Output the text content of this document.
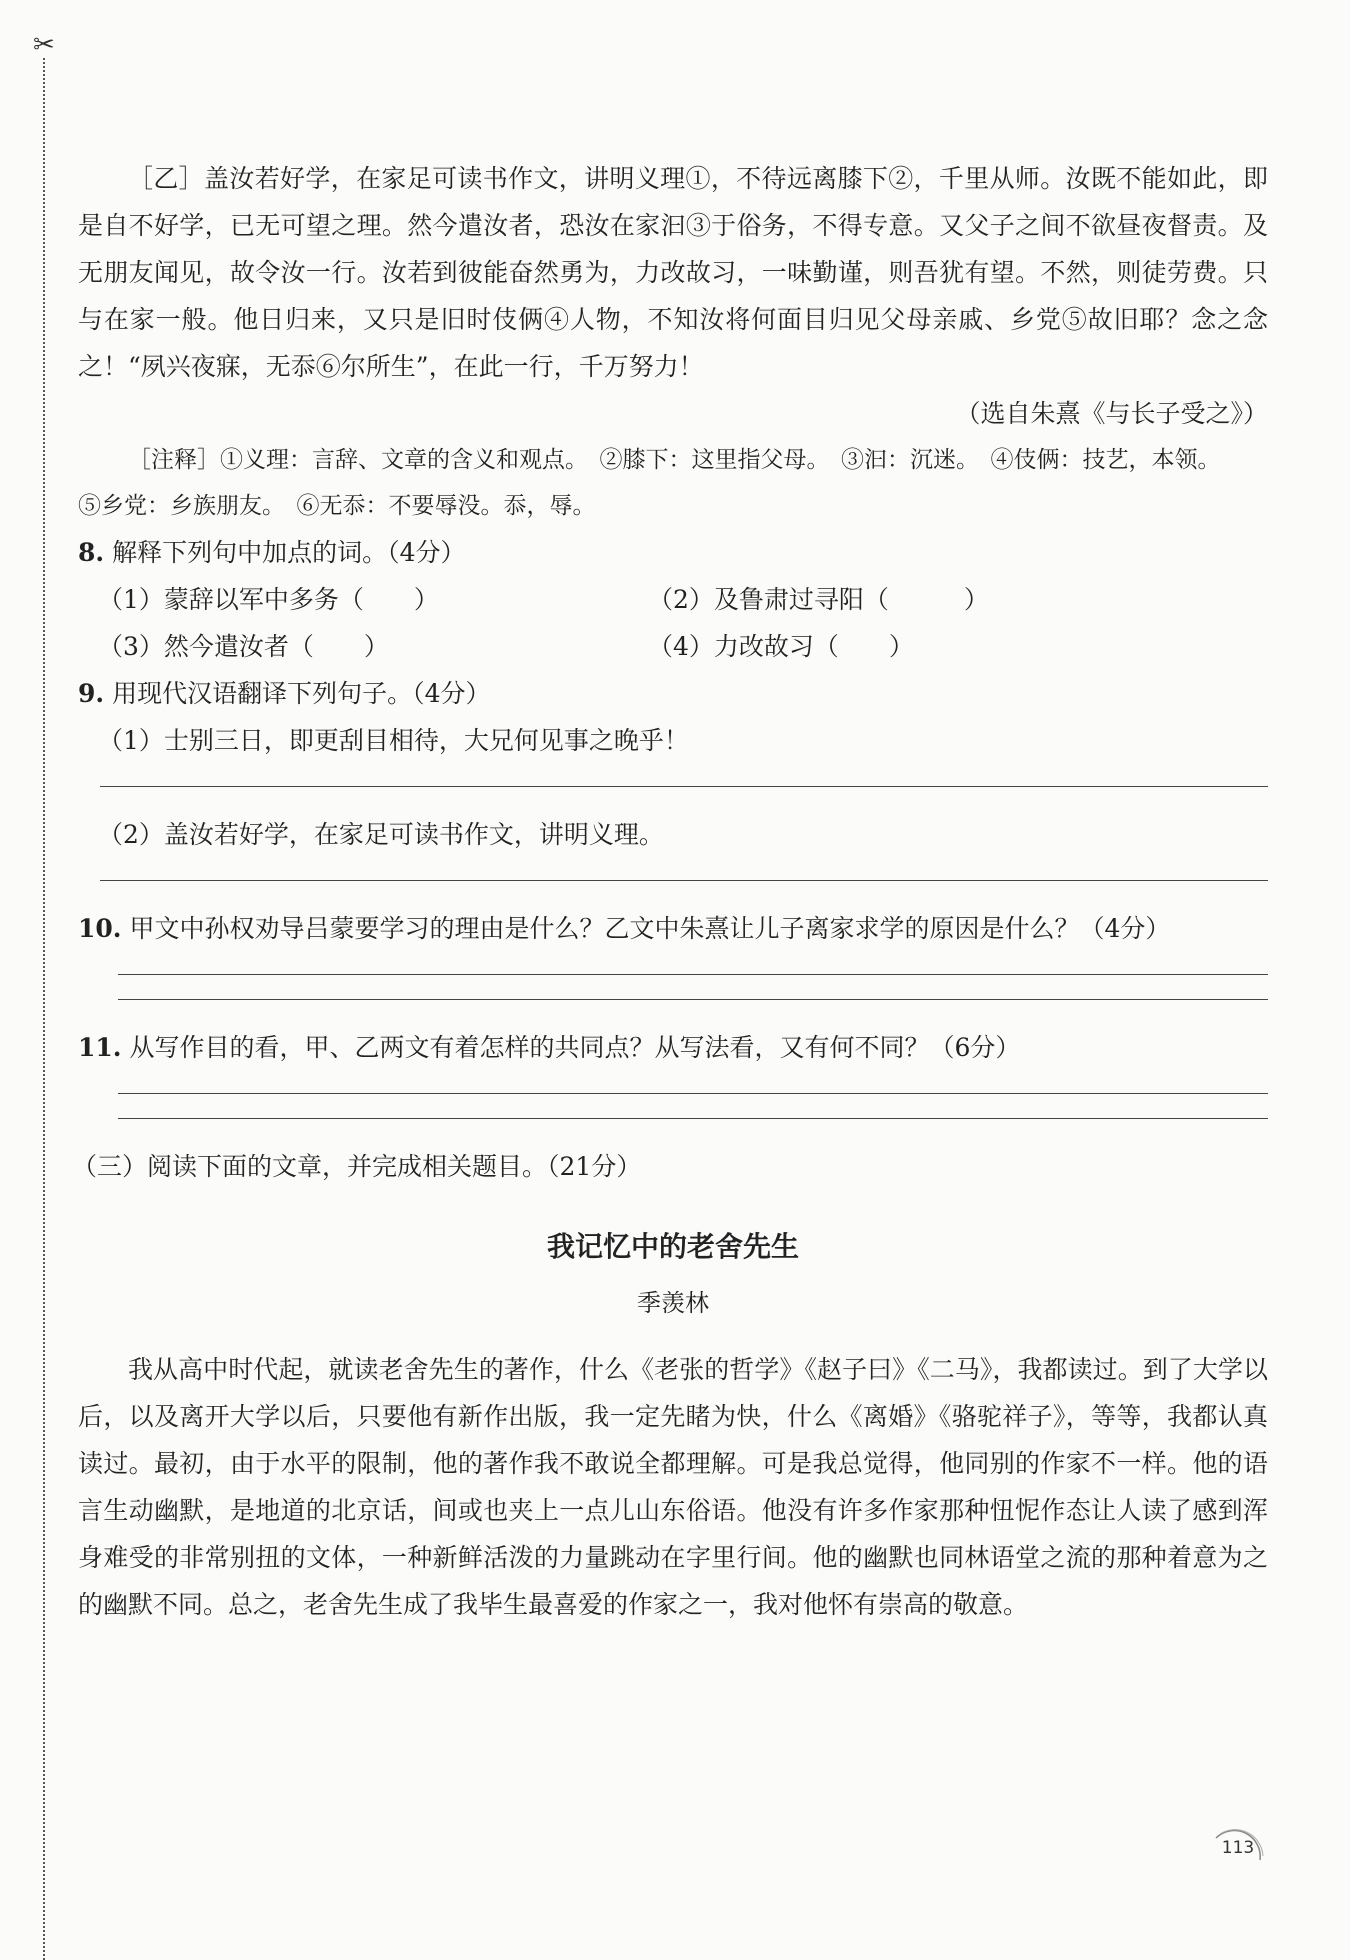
✂

［乙］盖汝若好学，在家足可读书作文，讲明义理①，不待远离膝下②，千里从师。汝既不能如此，即是自不好学，已无可望之理。然今遣汝者，恐汝在家汩③于俗务，不得专意。又父子之间不欲昼夜督责。及无朋友闻见，故令汝一行。汝若到彼能奋然勇为，力改故习，一味勤谨，则吾犹有望。不然，则徒劳费。只与在家一般。他日归来，又只是旧时伎俩④人物，不知汝将何面目归见父母亲戚、乡党⑤故旧耶？念之念之！“夙兴夜寐，无忝⑥尔所生”，在此一行，千万努力！

（选自朱熹《与长子受之》）

［注释］①义理：言辞、文章的含义和观点。　②膝下：这里指父母。　③汩：沉迷。　④伎俩：技艺，本领。

⑤乡党：乡族朋友。　⑥无忝：不要辱没。忝，辱。

8. 解释下列句中加点的词。（4分）

（1）蒙辞以军中多务（　　）	（2）及鲁肃过寻阳（　　　）
（3）然今遣汝者（　　）	（4）力改故习（　　）

9. 用现代汉语翻译下列句子。（4分）

（1）士别三日，即更刮目相待，大兄何见事之晚乎！
（2）盖汝若好学，在家足可读书作文，讲明义理。

10. 甲文中孙权劝导吕蒙要学习的理由是什么？乙文中朱熹让儿子离家求学的原因是什么？（4分）

11. 从写作目的看，甲、乙两文有着怎样的共同点？从写法看，又有何不同？（6分）

（三）阅读下面的文章，并完成相关题目。（21分）

我记忆中的老舍先生
季羡林

我从高中时代起，就读老舍先生的著作，什么《老张的哲学》《赵子曰》《二马》，我都读过。到了大学以后，以及离开大学以后，只要他有新作出版，我一定先睹为快，什么《离婚》《骆驼祥子》，等等，我都认真读过。最初，由于水平的限制，他的著作我不敢说全都理解。可是我总觉得，他同别的作家不一样。他的语言生动幽默，是地道的北京话，间或也夹上一点儿山东俗语。他没有许多作家那种忸怩作态让人读了感到浑身难受的非常别扭的文体，一种新鲜活泼的力量跳动在字里行间。他的幽默也同林语堂之流的那种着意为之的幽默不同。总之，老舍先生成了我毕生最喜爱的作家之一，我对他怀有崇高的敬意。

113
